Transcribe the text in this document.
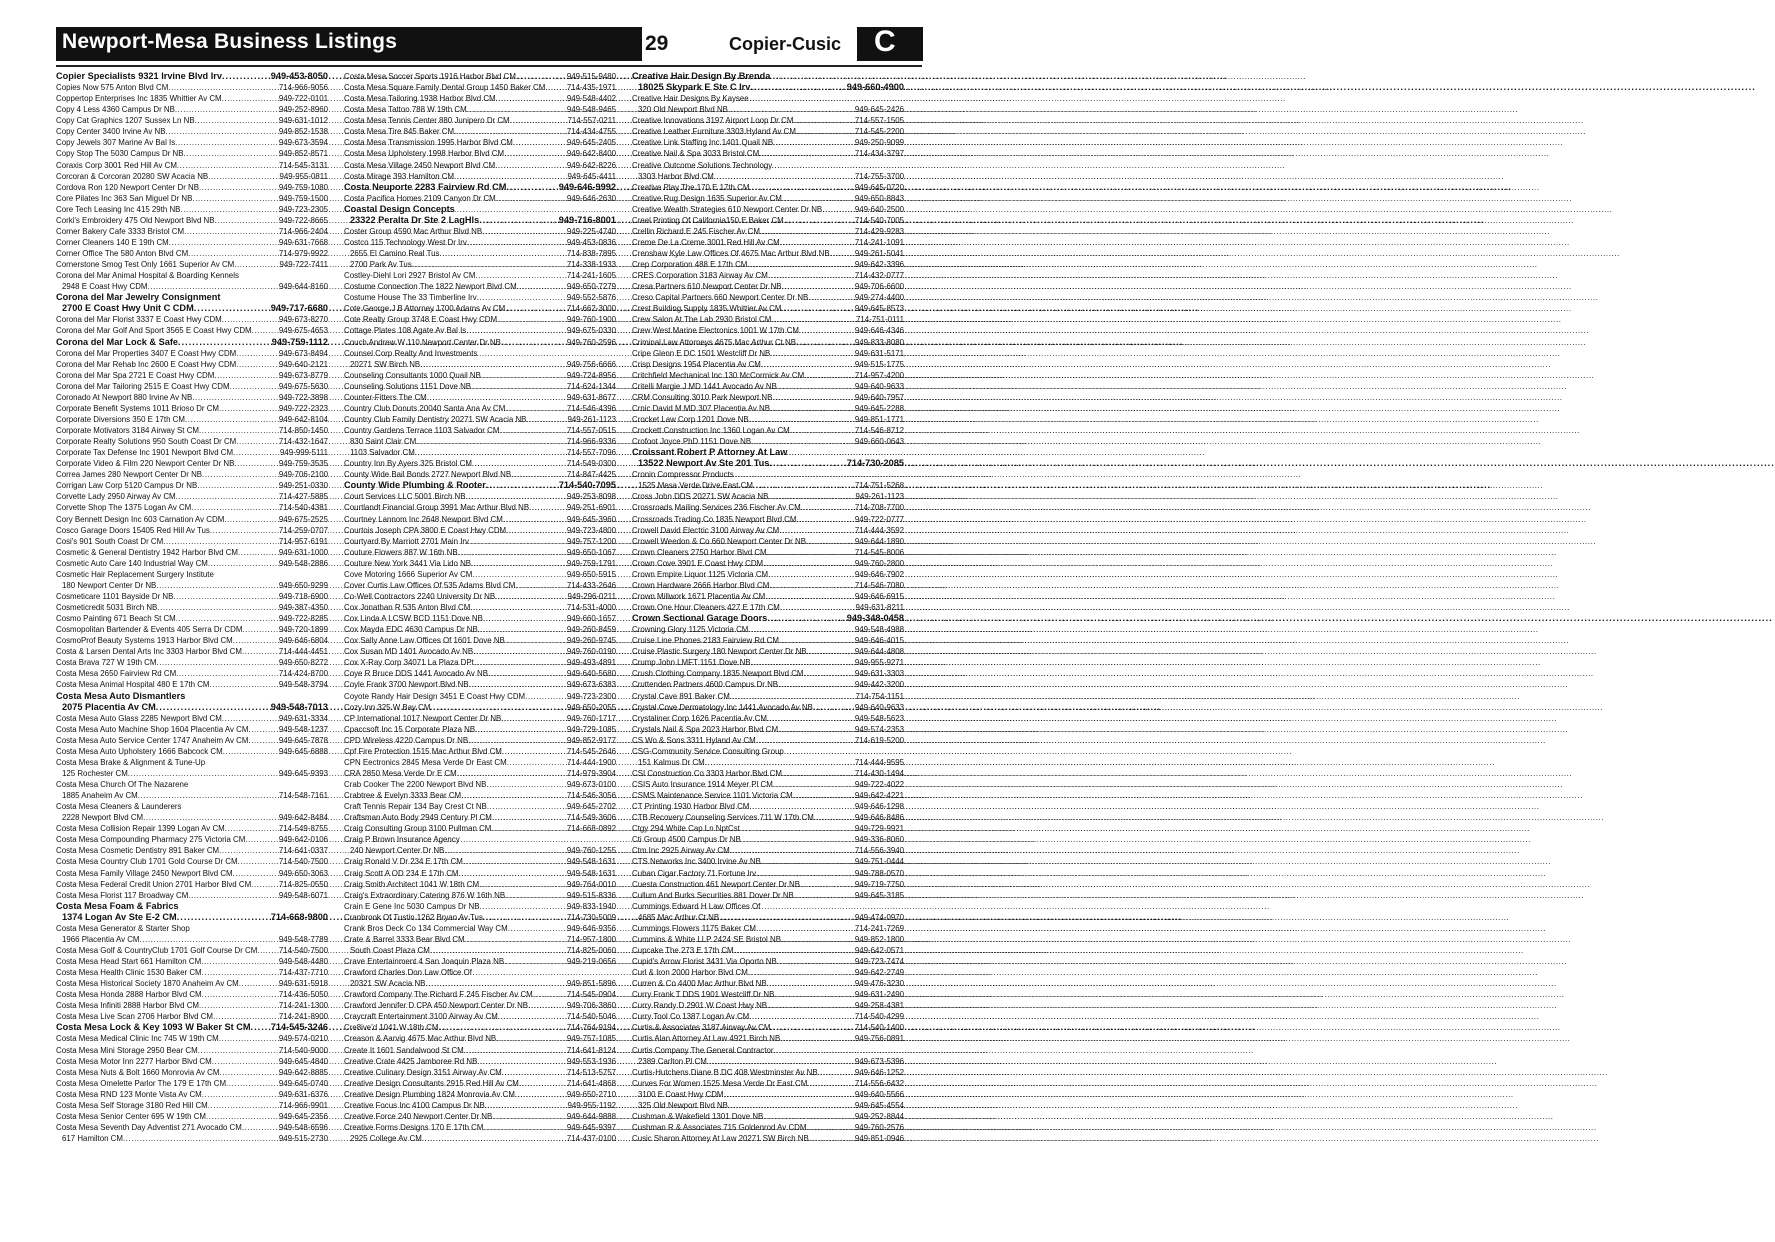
Newport-Mesa Business Listings	29	Copier-Cusic C
Copier Specialists 9321 Irvine Blvd Irv .....	949-453-8050
Copies Now 575 Anton Blvd CM .....	714-966-9056
Coppertop Enterprises Inc 1835 Whittier Av CM .....	949-722-0101
Copy 4 Less 4360 Campus Dr NB .....	949-252-8960
Copy Cat Graphics 1207 Sussex Ln NB .....	949-631-1012
Copy Center 3400 Irvine Av NB .....	949-852-1538
Copy Jewels 307 Marine Av Bal Is .....	949-673-3594
Copy Stop The 5030 Campus Dr NB .....	949-852-8571
Coraxis Corp 3001 Red Hill Av CM .....	714-545-3131
Corcoran & Corcoran 20280 SW Acacia NB .....	949-955-0811
Cordova Ron 120 Newport Center Dr NB .....	949-759-1080
Core Pilates Inc 363 San Miguel Dr NB .....	949-759-1500
Core Tech Leasing Inc 415 29th NB .....	949-723-2305
Corki's Embroidery 475 Old Newport Blvd NB .....	949-722-8665
Corner Bakery Cafe 3333 Bristol CM .....	714-966-2404
Corner Cleaners 140 E 19th CM .....	949-631-7668
Corner Office The 580 Anton Blvd CM .....	714-979-9922
Cornerstone Smog Test Only 1661 Superior Av CM .....	949-722-7411
Corona del Mar Animal Hospital & Boarding Kennels
2948 E Coast Hwy CDM .....	949-644-8160
Corona del Mar Jewelry Consignment
2700 E Coast Hwy Unit C CDM .....	949-717-6680
Corona del Mar Florist 3337 E Coast Hwy CDM .....	949-673-8270
Corona del Mar Golf And Sport 3565 E Coast Hwy CDM .....	949-675-4653
Corona del Mar Lock & Safe .....	949-759-1112
Corona del Mar Properties 3407 E Coast Hwy CDM .....	949-673-8494
Corona del Mar Rehab Inc 2600 E Coast Hwy CDM .....	949-640-2121
Corona del Mar Spa 2721 E Coast Hwy CDM .....	949-673-8779
Corona del Mar Tailoring 2515 E Coast Hwy CDM .....	949-675-5630
Coronado At Newport 880 Irvine Av NB .....	949-722-3898
Corporate Benefit Systems 1011 Brioso Dr CM .....	949-722-2323
Corporate Diversions 350 E 17th CM .....	949-642-8104
Corporate Motivators 3184 Airway St CM .....	714-850-1450
Corporate Realty Solutions 950 South Coast Dr CM .....	714-432-1647
Corporate Tax Defense Inc 1901 Newport Blvd CM .....	949-999-5111
Corporate Video & Film 220 Newport Center Dr NB .....	949-759-3535
Correa James 280 Newport Center Dr NB .....	949-706-2100
Corrigan Law Corp 5120 Campus Dr NB .....	949-251-0330
Corvette Lady 2950 Airway Av CM .....	714-427-5885
Corvette Shop The 1375 Logan Av CM .....	714-540-4381
Cory Bennett Design Inc 603 Carnation Av CDM .....	949-675-2525
Cosco Garage Doors 15405 Red Hill Av Tus .....	714-259-0707
Cosi's 901 South Coast Dr CM .....	714-957-6191
Cosmetic & General Dentistry 1942 Harbor Blvd CM .....	949-631-1000
Cosmetic Auto Care 140 Industrial Way CM .....	949-548-2886
Cosmetic Hair Replacement Surgery Institute
180 Newport Center Dr NB .....	949-650-9299
Cosmeticare 1101 Bayside Dr NB .....	949-718-6900
Cosmeticredit 5031 Birch NB .....	949-387-4350
Cosmo Painting 671 Beach St CM .....	949-722-8285
Cosmopolitan Bartender & Events 405 Serra Dr CDM .....	949-720-1899
CosmoProf Beauty Systems 1913 Harbor Blvd CM .....	949-646-6804
Costa & Larsen Dental Arts Inc 3303 Harbor Blvd CM .....	714-444-4451
Costa Brava 727 W 19th CM .....	949-650-8272
Costa Mesa 2650 Fairview Rd CM .....	714-424-8700
Costa Mesa Animal Hospital 480 E 17th CM .....	949-548-3794
Costa Mesa Auto Dismantlers
2075 Placentia Av CM .....	949-548-7013
Costa Mesa Auto Glass 2285 Newport Blvd CM .....	949-631-3334
Costa Mesa Auto Machine Shop 1604 Placentia Av CM .....	949-548-1237
Costa Mesa Auto Service Center 1747 Anaheim Av CM .....	949-645-7878
Costa Mesa Auto Upholstery 1666 Babcock CM .....	949-645-6888
Costa Mesa Brake & Alignment & Tune-Up
125 Rochester CM .....	949-645-9393
Costa Mesa Church Of The Nazarene
1885 Anaheim Av CM .....	714-548-7161
Costa Mesa Cleaners & Launderers
2228 Newport Blvd CM .....	949-642-8484
Costa Mesa Collision Repair 1399 Logan Av CM .....	714-549-8755
Costa Mesa Compounding Pharmacy 275 Victoria CM .....	949-642-0106
Costa Mesa Cosmetic Dentistry 891 Baker CM .....	714-641-0337
Costa Mesa Country Club 1701 Gold Course Dr CM .....	714-540-7500
Costa Mesa Family Village 2450 Newport Blvd CM .....	949-650-3063
Costa Mesa Federal Credit Union 2701 Harbor Blvd CM .....	714-825-0550
Costa Mesa Florist 117 Broadway CM .....	949-548-6071
Costa Mesa Foam & Fabrics
1374 Logan Av Ste E-2 CM .....	714-668-9800
Costa Mesa Generator & Starter Shop
1966 Placentia Av CM .....	949-548-7789
Costa Mesa Golf & CountryClub 1701 Golf Course Dr CM .....	714-540-7500
Costa Mesa Head Start 661 Hamilton CM .....	949-548-4480
Costa Mesa Health Clinic 1530 Baker CM .....	714-437-7710
Costa Mesa Historical Society 1870 Anaheim Av CM .....	949-631-5918
Costa Mesa Honda 2888 Harbor Blvd CM .....	714-436-5050
Costa Mesa Infiniti 2888 Harbor Blvd CM .....	714-241-1300
Costa Mesa Live Scan 2706 Harbor Blvd CM .....	714-241-8900
Costa Mesa Lock & Key 1093 W Baker St CM ..... 714-545-3246
Costa Mesa Medical Clinic Inc 745 W 19th CM .....	949-574-0210
Costa Mesa Mini Storage 2950 Bear CM .....	714-540-9000
Costa Mesa Motor Inn 2277 Harbor Blvd CM .....	949-645-4840
Costa Mesa Nuts & Bolt 1660 Monrovia Av CM .....	949-642-8885
Costa Mesa Omelette Parlor The 179 E 17th CM .....	949-645-0740
Costa Mesa RND 123 Monte Vista Av CM .....	949-631-6376
Costa Mesa Self Storage 3180 Red Hill CM .....	714-966-9901
Costa Mesa Senior Center 695 W 19th CM .....	949-645-2356
Costa Mesa Seventh Day Adventist 271 Avocado CM .....	949-548-6596
617 Hamilton CM .....	949-515-2730
Costa Mesa Soccer Sports 1916 Harbor Blvd CM .....	949-515-9480
Costa Mesa Square Family Dental Group 1450 Baker CM .....	714-435-1971
Costa Mesa Tailoring 1938 Harbor Blvd CM .....	949-548-4402
Costa Mesa Tattoo 788 W 19th CM .....	949-548-9465
Costa Mesa Tennis Center 880 Junipero Dr CM .....	714-557-0211
Costa Mesa Tire 845 Baker CM .....	714-434-4755
Costa Mesa Transmission 1995 Harbor Blvd CM .....	949-645-2405
Costa Mesa Upholstery 1998 Harbor Blvd CM .....	949-642-8400
Costa Mesa Village 2450 Newport Blvd CM .....	949-642-8226
Costa Mirage 393 Hamilton CM .....	949-645-4411
Costa Neuporte 2283 Fairview Rd CM .....	949-646-9992
Costa Pacifica Homes 2109 Canyon Dr CM .....	949-646-2630
Coastal Design Concepts
23322 Peralta Dr Ste 2 LagHls .....	949-716-8001
Coster Group 4590 Mac Arthur Blvd NB .....	949-225-4740
Costco 115 Technology West Dr Irv .....	949-453-0836
2655 El Camino Real Tus .....	714-838-7895
2700 Park Av Tus .....	714-338-1933
Costley-Diehl Lori 2927 Bristol Av CM .....	714-241-1605
Costume Connection The 1822 Newport Blvd CM .....	949-650-7279
Costume House The 33 Timberline Irv .....	949-552-5876
Cote George J B Attorney 1700 Adams Av CM .....	714-662-3000
Cote Realty Group 3748 E Coast Hwy CDM .....	949-760-1900
Cottage Plates 108 Agate Av Bal Is .....	949-675-0330
Couch Andrew W 110 Newport Center Dr NB .....	949-760-2596
Counsel Corp Realty And Investments
20271 SW Birch NB .....	949-756-6666
Counseling Consultants 1000 Quail NB .....	949-724-8956
Counseling Solutions 1151 Dove NB .....	714-624-1344
Counter-Fitters The CM .....	949-631-8677
Country Club Donuts 20040 Santa Ana Av CM .....	714-546-4396
Country Club Family Dentistry 20271 SW Acacia NB .....	949-261-1123
Country Gardens Terrace 1103 Salvador CM .....	714-557-0515
830 Saint Clair CM .....	714-966-9336
1103 Salvador CM .....	714-557-7096
Country Inn By Ayers 325 Bristol CM .....	714-549-0300
County Wide Bail Bonds 2727 Newport Blvd NB .....	714-847-4425
County Wide Plumbing & Rooter .....	714-540-7095
Court Services LLC 5001 Birch NB .....	949-253-8098
Courtlandt Financial Group 3991 Mac Arthur Blvd NB .....	949-251-6901
Courtney Lannom Inc 2648 Newport Blvd CM .....	949-645-3960
Courtois Joseph CPA 3800 E Coast Hwy CDM .....	949-723-4800
Courtyard By Marriott 2701 Main Irv .....	949-757-1200
Couture Flowers 887 W 16th NB .....	949-650-1067
Couture New York 3441 Via Lido NB .....	949-759-1791
Cove Motoring 1666 Superior Av CM .....	949-650-5915
Cover Curtis Law Offices Of 535 Adams Blvd CM .....	714-433-2646
Co-Well Contractors 2240 University Dr NB .....	949-296-0211
Cox Jonathan R 535 Anton Blvd CM .....	714-531-4000
Cox Linda A LCSW BCD 1151 Dove NB .....	949-660-1657
Cox Mayda EDC 4630 Campus Dr NB .....	949-260-8459
Cox Sally Anne Law Offices Of 1601 Dove NB .....	949-260-9745
Cox Susan MD 1401 Avocado Av NB .....	949-760-0190
Cox X-Ray Corp 34071 La Plaza DPt .....	949-493-4891
Coye R Bruce DDS 1441 Avocado Av NB .....	949-640-5680
Coyle Frank 3700 Newport Blvd NB .....	949-673-6383
Coyote Randy Hair Design 3451 E Coast Hwy CDM .....	949-723-2300
Cozy Inn 325 W Bay CM .....	949-650-2055
CP International 1017 Newport Center Dr NB .....	949-760-1717
Cpaccsoft Inc 15 Corporate Plaza NB .....	949-729-1085
CPD Wireless 4220 Campus Dr NB .....	949-852-9177
Cpf Fire Protection 1515 Mac Arthur Blvd CM .....	714-545-2646
CPN Eectronics 2845 Mesa Verde Dr East CM .....	714-444-1900
CRA 2850 Mesa Verde Dr E CM .....	714-979-3904
Crab Cooker The 2200 Newport Blvd NB .....	949-673-0100
Crabtree & Evelyn 3333 Bear CM .....	714-546-3056
Craft Tennis Repair 134 Bay Crest Ct NB .....	949-645-2702
Craftsman Auto Body 2949 Century Pl CM .....	714-549-3606
Craig Consulting Group 3100 Pullman CM .....	714-668-0892
Craig P Brown Insurance Agency
240 Newport Center Dr NB .....	949-760-1255
Craig Ronald V Dr 234 E 17th CM .....	949-548-1631
Craig Scott A OD 234 E 17th CM .....	949-548-1631
Craig Smith Architect 1041 W 18th CM .....	949-764-0010
Craig's Extraordinary Catering 876 W 16th NB .....	949-515-8336
Crain E Gene Inc 5030 Campus Dr NB .....	949-833-1940
Cranbrook Of Tustin 1262 Bryan Av Tus .....	714-730-5009
Crank Bros Deck Co 134 Commercial Way CM .....	949-646-9356
Crate & Barrel 3333 Bear Blvd CM .....	714-957-1800
South Coast Plaza CM .....	714-825-0060
Crave Entertainment 4 San Joaquin Plaza NB .....	949-219-0656
Crawford Charles Don Law Office Of
20321 SW Acacia NB .....	949-851-5896
Crawford Company The Richard F 245 Fischer Av CM .....	714-545-0904
Crawford Jennifer D CPA 450 Newport Center Dr NB .....	949-706-3860
Craycraft Entertainment 3100 Airway Av CM .....	714-540-5046
Cre8ive'd 1041 W 18th CM .....	714-764-9194
Creason & Aarvig 4675 Mac Arthur Blvd NB .....	949-757-1085
Create It 1601 Sandalwood St CM .....	714-641-8124
Creative Crate 4425 Jamboree Rd NB .....	949-553-1936
Creative Culinary Design 3151 Airway Av CM .....	714-513-5757
Creative Design Consultants 2915 Red Hill Av CM .....	714-641-4868
Creative Design Plumbing 1824 Monrovia Av CM .....	949-650-2710
Creative Focus Inc 4100 Campus Dr NB .....	949-955-1192
Creative Force 240 Newport Center Dr NB .....	949-644-9888
Creative Forms Designs 170 E 17th CM .....	949-645-9397
2925 College Av CM .....	714-437-0100
Creative Hair Design By Brenda
18025 Skypark E Ste C Irv .....	949-660-4900
Creative Hair Designs By Kaysee
320 Old Newport Blvd NB .....	949-645-2426
Creative Innovations 3197 Airport Loop Dr CM .....	714-557-1505
Creative Leather Furniture 3303 Hyland Av CM .....	714-545-2200
Creative Link Staffing Inc 1401 Quail NB .....	949-250-9099
Creative Nail & Spa 3033 Bristol CM .....	714-434-3797
Creative Outcome Solutions Technology
3303 Harbor Blvd CM .....	714-755-3700
Creative Play The 170 E 17th CM .....	949-645-0720
Creative Rug Design 1635 Superior Av CM .....	949-650-8843
Creative Wealth Strategies 610 Newport Center Dr NB .....	949-640-2500
Creel Printing Of California150 E Baker CM .....	714-540-7005
Crellin Richard E 245 Fischer Av CM .....	714-429-9283
Creme De La Creme 3001 Red Hill Av CM .....	714-241-1091
Crenshaw Kyle Law Offices Of 4675 Mac Arthur Blvd NB .....	949-261-5041
Crep Corporation 488 E 17th CM .....	949-642-3396
CRES Corporation 3183 Airway Av CM .....	714-432-0777
Cresa Partners 610 Newport Center Dr NB .....	949-706-6600
Creso Capital Partners 660 Newport Center Dr NB .....	949-274-4400
Crest Building Supply 1835 Whittier Av CM .....	949-645-8573
Crew Salon At The Lab 2930 Bristol CM .....	714-751-0111
Crew West Marine Electronics 1001 W 17th CM .....	949-646-4346
Criminal Law Attorneys 4675 Mac Arthur Ct NB .....	949-833-8080
Cripe Glenn E DC 1501 Westcliff Dr NB .....	949-631-5171
Crisp Designs 1954 Placentia Av CM .....	949-515-1775
Critchfield Mechanical Inc 130 McCormick Av CM .....	714-957-4200
Critelli Margie J MD 1441 Avocado Av NB .....	949-640-9633
CRM Consulting 3010 Park Newport NB .....	949-640-7957
Crnic David M MD 307 Placentia Av NB .....	949-645-2288
Crocket Law Corp 1201 Dove NB .....	949-851-1771
Crockett Construction Inc 1360 Logan Av CM .....	714-546-8712
Crofoot Joyce PhD 1151 Dove NB .....	949-660-0643
Croissant Robert P Attorney At Law
13522 Newport Av Ste 201 Tus .....	714-730-2085
Cronin Compressor Products
1525 Mesa Verde Drive East CM .....	714-751-5268
Cross John DDS 20271 SW Acacia NB .....	949-261-1123
Crossroads Mailing Services 236 Fischer Av CM .....	714-708-7700
Crossroads Trading Co 1835 Newport Blvd CM .....	949-722-0777
Crowell David Electric 3100 Airway Av CM .....	714-444-3592
Crowell Weedon & Co 660 Newport Center Dr NB .....	949-644-1890
Crown Cleaners 2750 Harbor Blvd CM .....	714-545-8006
Crown Cove 3901 E Coast Hwy CDM .....	949-760-2800
Crown Empire Liquor 1125 Victoria CM .....	949-646-7902
Crown Hardware 2666 Harbor Blvd CM .....	714-546-7080
Crown Millwork 1671 Placentia Av CM .....	949-646-6915
Crown One Hour Cleaners 427 E 17th CM .....	949-631-8211
Crown Sectional Garage Doors .....	949-348-0458
Crowning Glory 1125 Victoria CM .....	949-548-4988
Cruise Line Phones 2183 Fairview Rd CM .....	949-646-4015
Cruise Plastic Surgery 180 Newport Center Dr NB .....	949-644-4808
Crump John LMFT 1151 Dove NB .....	949-955-9271
Crush Clothing Company 1835 Newport Blvd CM .....	949-631-3303
Cruttenden Partners 4600 Campus Dr NB .....	949-442-3200
Crystal Cave 891 Baker CM .....	714-754-1151
Crystal Cove Dermatology Inc 1441 Avocado Av NB .....	949-640-9633
Crystaliner Corp 1626 Pacentia Av CM .....	949-548-5623
Crystals Nail & Spa 2023 Harbor Blvd CM .....	949-574-2353
CS Wo & Sons 3311 Hyland Av CM .....	714-619-5200
CSG-Community Service Consulting Group
151 Kalmus Dr CM .....	714-444-9595
CSI Construction Co 3303 Harbor Blvd CM .....	714-430-1494
CSIS Auto Insurance 1914 Meyer Pl CM .....	949-722-4022
CSMS Maintenance Service 1101 Victoria CM .....	949-642-4221
CT Printing 1930 Harbor Blvd CM .....	949-646-1298
CTB Recovery Counseling Services 711 W 17th CM .....	949-646-8486
Ctgy 294 White Cap Ln NptCst .....	949-729-9921
Cti Group 4500 Campus Dr NB .....	949-336-8060
Ctm Inc 2925 Airway Av CM .....	714-556-3940
CTS Networks Inc 3400 Irvine Av NB .....	949-751-0444
Cuban Cigar Factory 71 Fortune Irv .....	949-788-0570
Cuesta Construction 461 Newport Center Dr NB .....	949-719-7750
Cullum And Burks Securities 881 Dover Dr NB .....	949-645-3185
Cummings Edward H Law Offices Of
4685 Mac Arthur Ct NB .....	949-474-0970
Cummings Flowers 1175 Baker CM .....	714-241-7269
Cummins & White LLP 2424 SE Bristol NB .....	949-852-1800
Cupcake The 273 E 17th CM .....	949-642-0571
Cupid's Arrow Florist 3431 Via Oporto NB .....	949-723-7474
Curl & Iron 2000 Harbor Blvd CM .....	949-642-2749
Curren & Co 4400 Mac Arthur Blvd NB .....	949-476-3230
Curry Frank T DDS 1901 Westcliff Dr NB .....	949-631-2490
Curry Randy D 2901 W Coast Hwy NB .....	949-258-4381
Curry Tool Co 1387 Logan Av CM .....	714-540-4299
Curtis & Associates 3187 Airway Av CM .....	714-540-1400
Curtis Alan Attorney At Law 4921 Birch NB .....	949-756-0891
Curtis Company The General Contractor
2389 Carlton Pl CM .....	949-673-5396
Curtis-Hutchens Diane B DC 408 Westminster Av NB .....	949-646-1252
Curves For Women 1525 Mesa Verde Dr East CM .....	714-556-6432
3100 E Coast Hwy CDM .....	949-640-5566
325 Old Newport Blvd NB .....	949-645-4554
Cushman & Wakefield 1301 Dove NB .....	949-252-8844
Cushman R & Associates 715 Goldenrod Av CDM .....	949-760-2576
Cusic Sharon Attorney At Law 20271 SW Birch NB .....	949-851-0946
